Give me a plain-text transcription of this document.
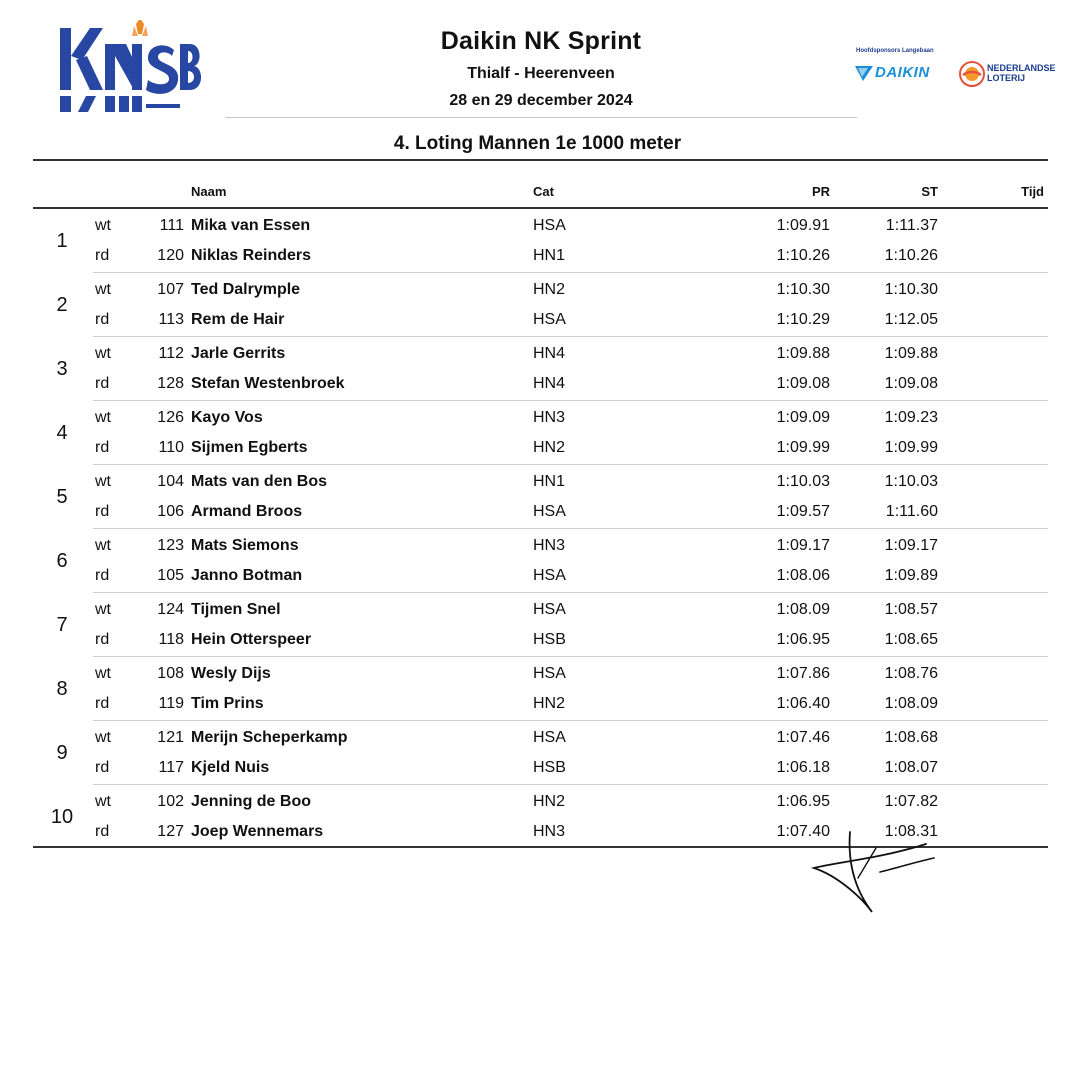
Daikin NK Sprint
Thialf - Heerenveen
28 en 29 december 2024
Hoofdsponsors Langebaan
DAIKIN	NEDERLANDSE
LOTERIJ
4. Loting Mannen 1e 1000 meter
Naam	Cat	PR	ST	Tijd
1
wt	111 Mika van Essen	HSA	1:09.91	1:11.37
rd	120 Niklas Reinders	HN1	1:10.26	1:10.26
2
wt	107 Ted Dalrymple	HN2	1:10.30	1:10.30
rd	113 Rem de Hair	HSA	1:10.29	1:12.05
3
wt	112 Jarle Gerrits	HN4	1:09.88	1:09.88
rd	128 Stefan Westenbroek	HN4	1:09.08	1:09.08
4
wt	126 Kayo Vos	HN3	1:09.09	1:09.23
rd	110 Sijmen Egberts	HN2	1:09.99	1:09.99
5
wt	104 Mats van den Bos	HN1	1:10.03	1:10.03
rd	106 Armand Broos	HSA	1:09.57	1:11.60
6
wt	123 Mats Siemons	HN3	1:09.17	1:09.17
rd	105 Janno Botman	HSA	1:08.06	1:09.89
7
wt	124 Tijmen Snel	HSA	1:08.09	1:08.57
rd	118 Hein Otterspeer	HSB	1:06.95	1:08.65
8
wt	108 Wesly Dijs	HSA	1:07.86	1:08.76
rd	119 Tim Prins	HN2	1:06.40	1:08.09
9
wt	121 Merijn Scheperkamp	HSA	1:07.46	1:08.68
rd	117 Kjeld Nuis	HSB	1:06.18	1:08.07
10
wt	102 Jenning de Boo	HN2	1:06.95	1:07.82
rd	127 Joep Wennemars	HN3	1:07.40	1:08.31
